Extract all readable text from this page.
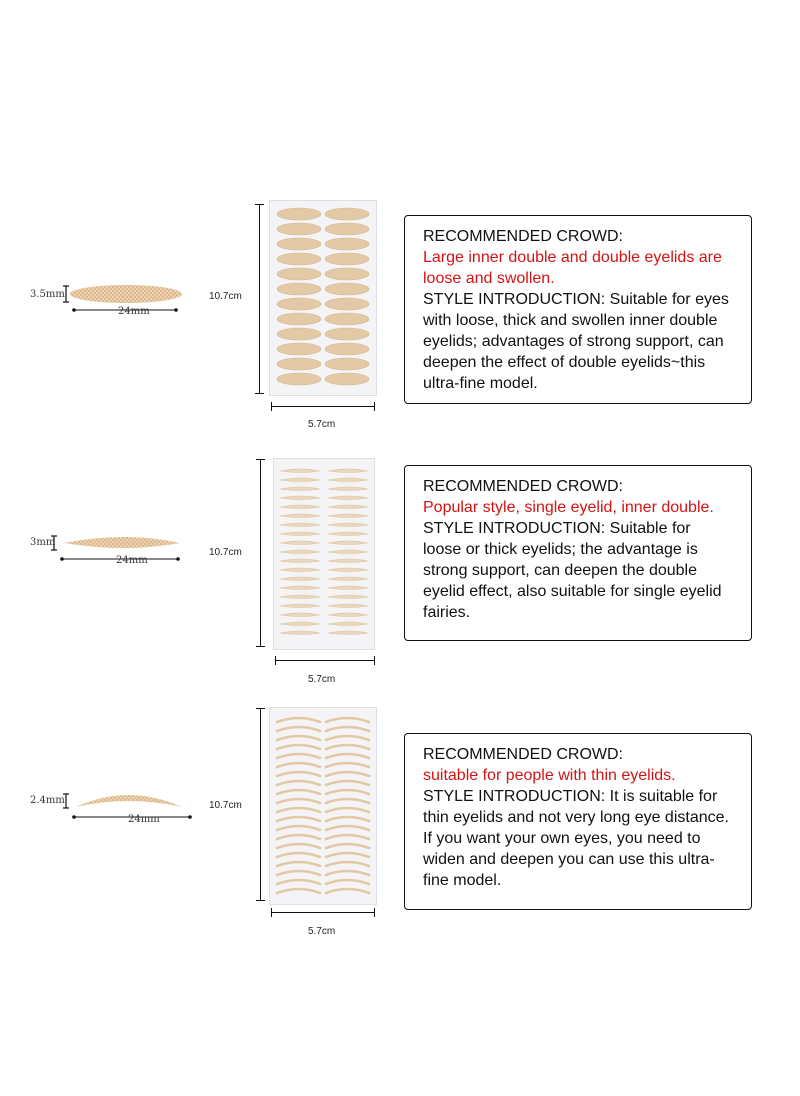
3.5mm
24mm
10.7cm
5.7cm

RECOMMENDED CROWD:

Large inner double and double eyelids are loose and swollen.

STYLE INTRODUCTION: Suitable for eyes with loose, thick and swollen inner double eyelids; advantages of strong support, can deepen the effect of double eyelids~this ultra-fine model.

3mm
24mm
10.7cm
5.7cm

RECOMMENDED CROWD:

Popular style, single eyelid, inner double.

STYLE INTRODUCTION: Suitable for loose or thick eyelids; the advantage is strong support, can deepen the double eyelid effect, also suitable for single eyelid fairies.

2.4mm
24mm
10.7cm
5.7cm

RECOMMENDED CROWD:

suitable for people with thin eyelids.

STYLE INTRODUCTION: It is suitable for thin eyelids and not very long eye distance. If you want your own eyes, you need to widen and deepen you can use this ultra-fine model.
